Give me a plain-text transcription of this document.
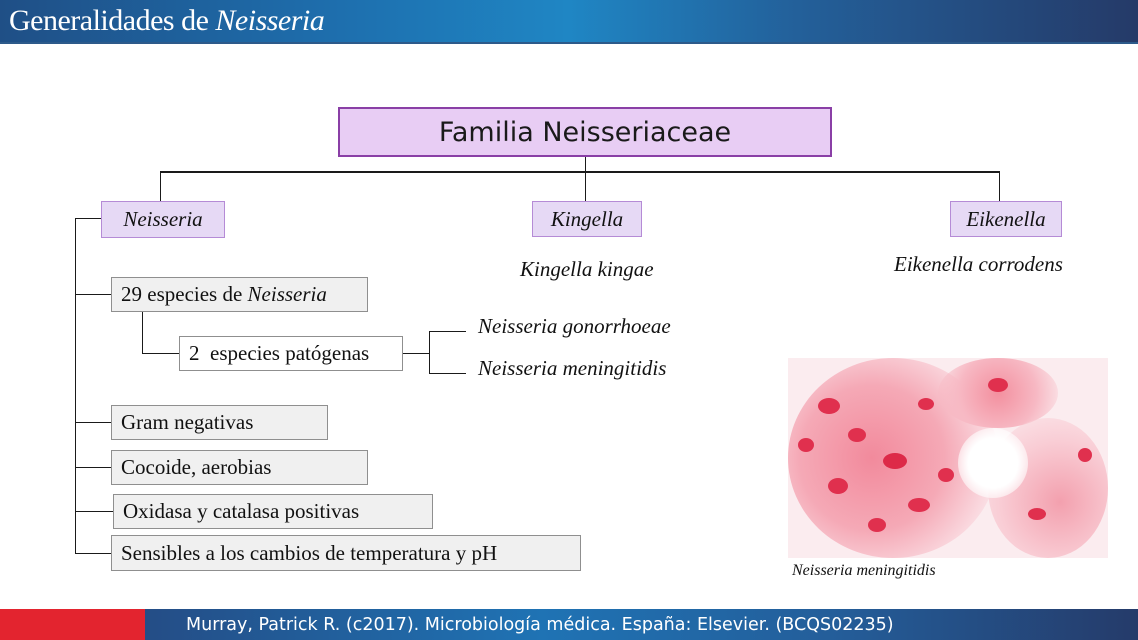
Generalidades de Neisseria
Familia Neisseriaceae
Neisseria	Kingella	Eikenella
Kingella kingae	Eikenella corrodens
29 especies de Neisseria
2  especies patógenas
Neisseria gonorrhoeae
Neisseria meningitidis
Gram negativas
Cocoide, aerobias
Oxidasa y catalasa positivas
Sensibles a los cambios de temperatura y pH
Neisseria meningitidis
Murray, Patrick R. (c2017). Microbiología médica. España: Elsevier. (BCQS02235)
